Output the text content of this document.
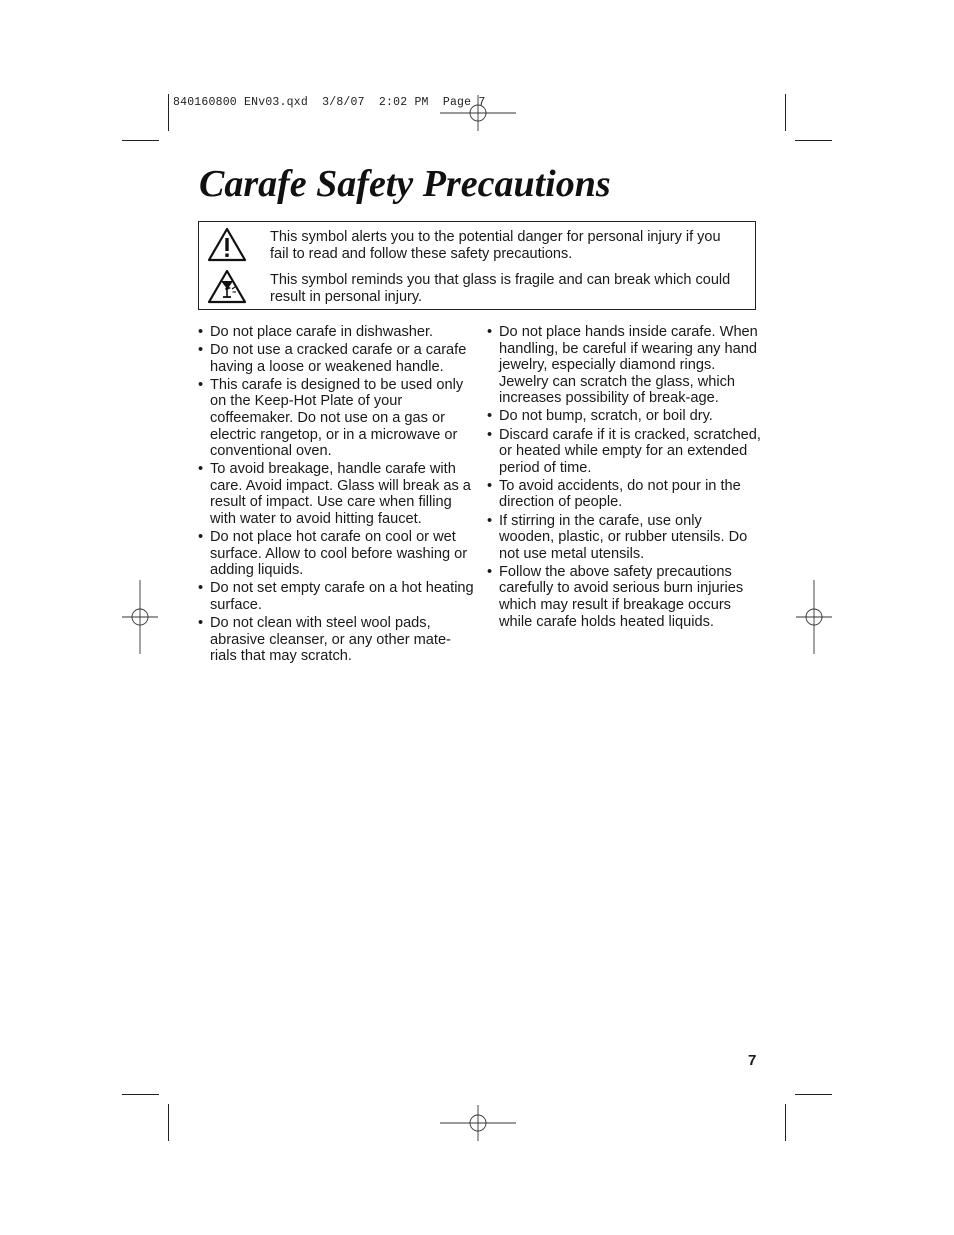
840160800 ENv03.qxd  3/8/07  2:02 PM  Page 7
Carafe Safety Precautions

This symbol alerts you to the potential danger for personal injury if you fail to read and follow these safety precautions.

This symbol reminds you that glass is fragile and can break which could result in personal injury.

• Do not place carafe in dishwasher.
• Do not use a cracked carafe or a carafe having a loose or weakened handle.
• This carafe is designed to be used only on the Keep-Hot Plate of your coffeemaker. Do not use on a gas or electric rangetop, or in a microwave or conventional oven.
• To avoid breakage, handle carafe with care. Avoid impact. Glass will break as a result of impact. Use care when filling with water to avoid hitting faucet.
• Do not place hot carafe on cool or wet surface. Allow to cool before washing or adding liquids.
• Do not set empty carafe on a hot heating surface.
• Do not clean with steel wool pads, abrasive cleanser, or any other mate-rials that may scratch.
• Do not place hands inside carafe. When handling, be careful if wearing any hand jewelry, especially diamond rings. Jewelry can scratch the glass, which increases possibility of break-age.
• Do not bump, scratch, or boil dry.
• Discard carafe if it is cracked, scratched, or heated while empty for an extended period of time.
• To avoid accidents, do not pour in the direction of people.
• If stirring in the carafe, use only wooden, plastic, or rubber utensils. Do not use metal utensils.
• Follow the above safety precautions carefully to avoid serious burn injuries which may result if breakage occurs while carafe holds heated liquids.
7
